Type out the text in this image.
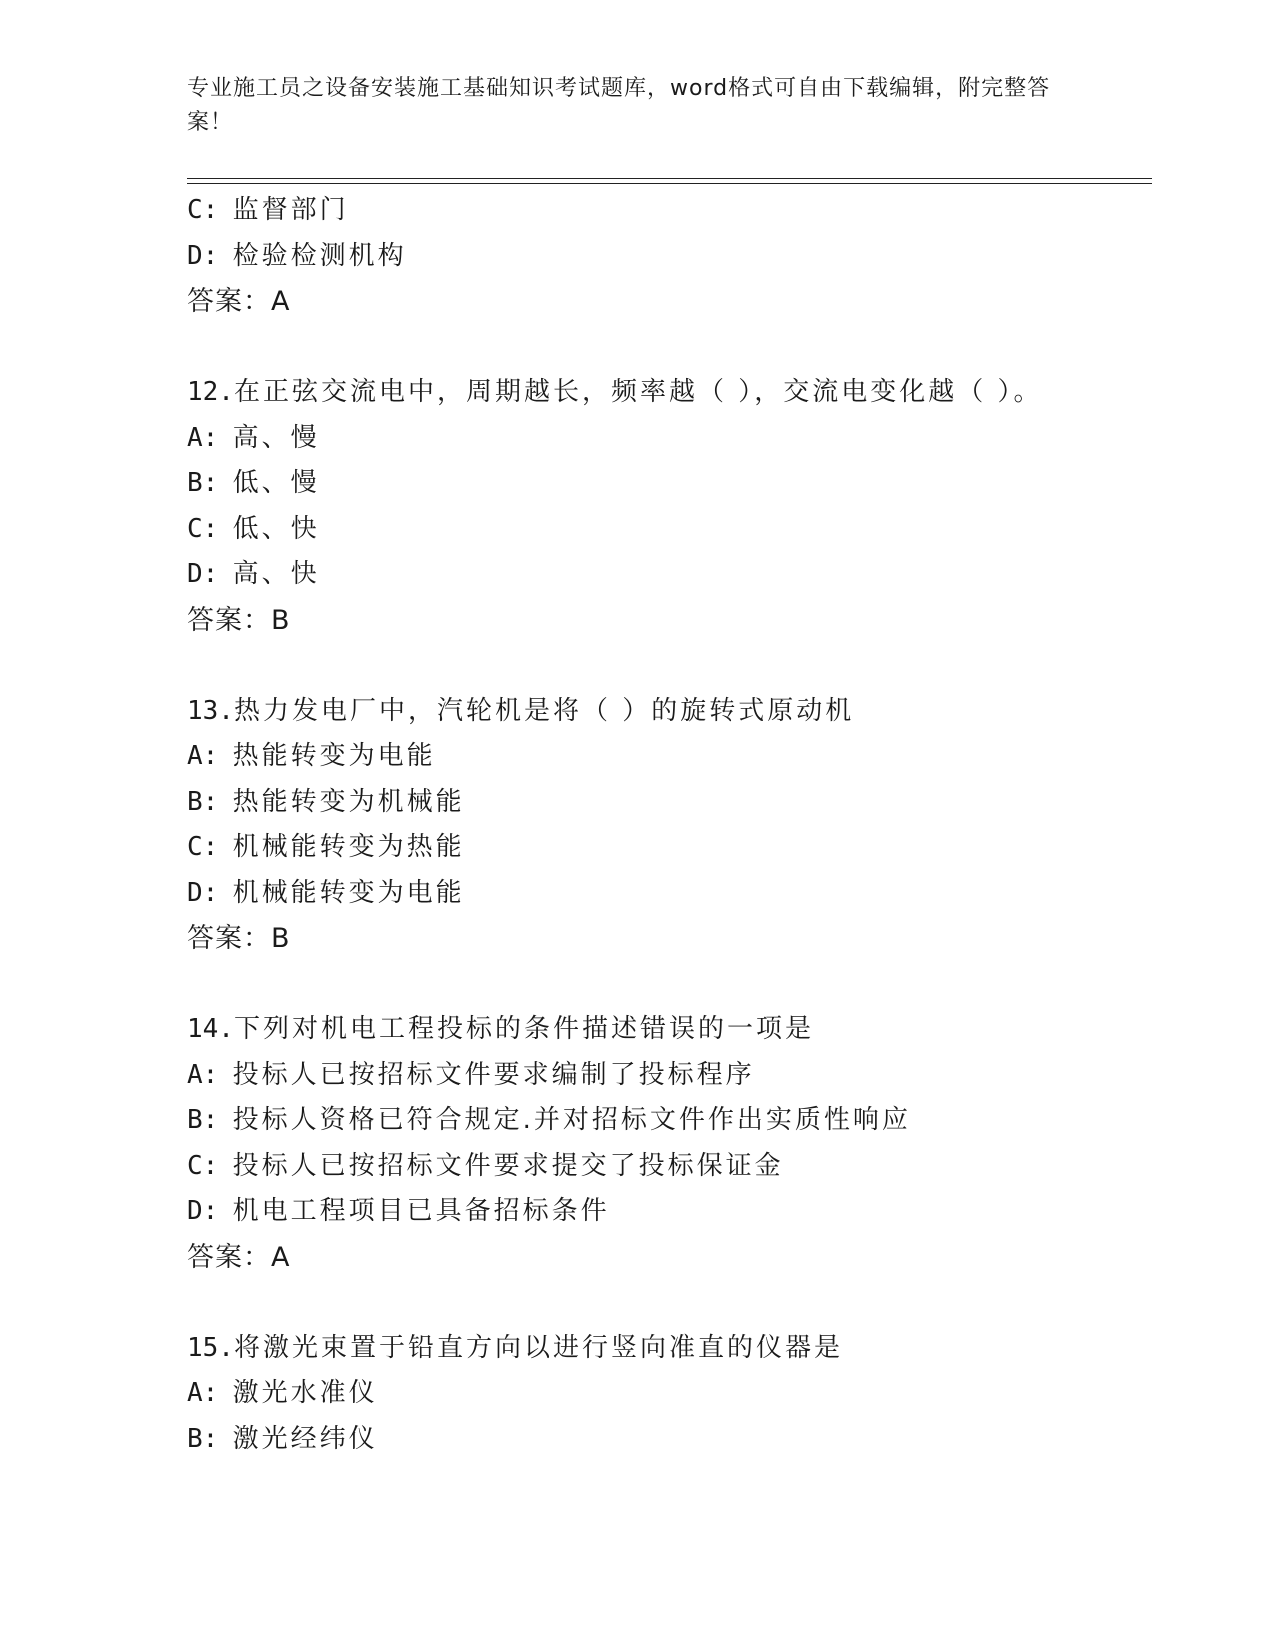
专业施工员之设备安装施工基础知识考试题库，word格式可自由下载编辑，附完整答案！
C: 监督部门
D: 检验检测机构
答案：A
12.在正弦交流电中，周期越长，频率越（ ），交流电变化越（ ）。
A: 高、慢
B: 低、慢
C: 低、快
D: 高、快
答案：B
13.热力发电厂中，汽轮机是将（ ）的旋转式原动机
A: 热能转变为电能
B: 热能转变为机械能
C: 机械能转变为热能
D: 机械能转变为电能
答案：B
14.下列对机电工程投标的条件描述错误的一项是
A: 投标人已按招标文件要求编制了投标程序
B: 投标人资格已符合规定.并对招标文件作出实质性响应
C: 投标人已按招标文件要求提交了投标保证金
D: 机电工程项目已具备招标条件
答案：A
15.将激光束置于铅直方向以进行竖向准直的仪器是
A: 激光水准仪
B: 激光经纬仪
